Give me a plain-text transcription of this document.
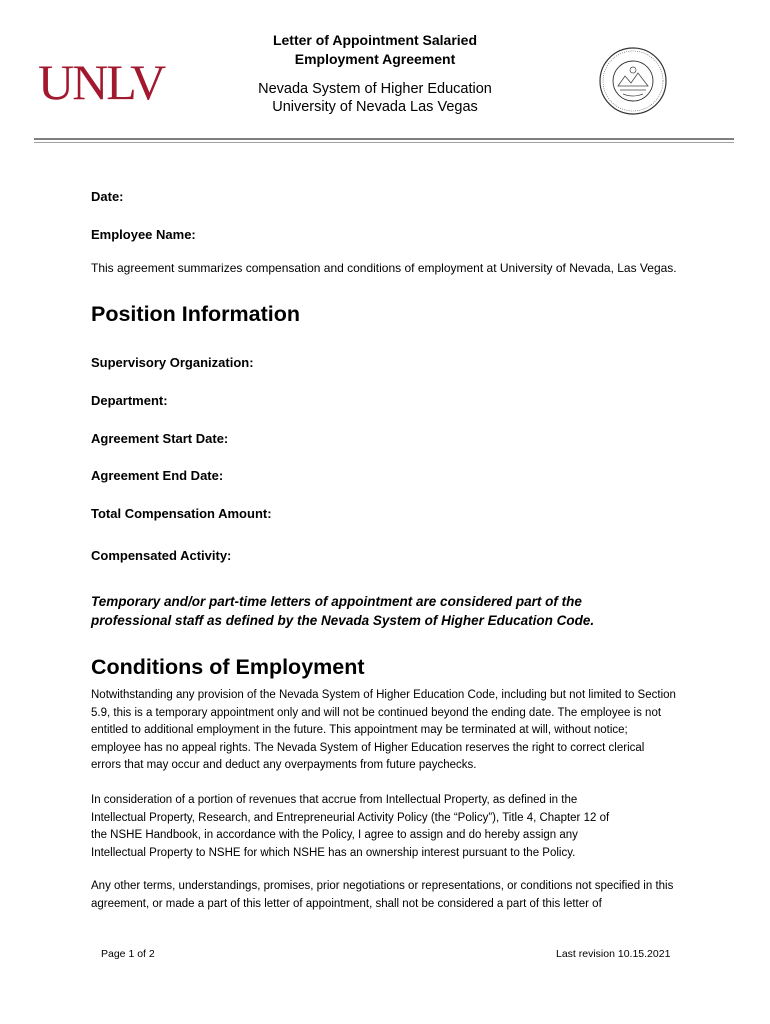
UNLV
Letter of Appointment Salaried
Employment Agreement
Nevada System of Higher Education
University of Nevada Las Vegas
Date:
Employee Name:
This agreement summarizes compensation and conditions of employment at University of Nevada, Las Vegas.
Position Information
Supervisory Organization:
Department:
Agreement Start Date:
Agreement End Date:
Total Compensation Amount:
Compensated Activity:
Temporary and/or part-time letters of appointment are considered part of the
professional staff as defined by the Nevada System of Higher Education Code.
Conditions of Employment
Notwithstanding any provision of the Nevada System of Higher Education Code, including but not limited to Section
5.9, this is a temporary appointment only and will not be continued beyond the ending date. The employee is not
entitled to additional employment in the future. This appointment may be terminated at will, without notice;
employee has no appeal rights. The Nevada System of Higher Education reserves the right to correct clerical
errors that may occur and deduct any overpayments from future paychecks.
In consideration of a portion of revenues that accrue from Intellectual Property, as defined in the
Intellectual Property, Research, and Entrepreneurial Activity Policy (the “Policy”), Title 4, Chapter 12 of
the NSHE Handbook, in accordance with the Policy, I agree to assign and do hereby assign any
Intellectual Property to NSHE for which NSHE has an ownership interest pursuant to the Policy.
Any other terms, understandings, promises, prior negotiations or representations, or conditions not specified in this
agreement, or made a part of this letter of appointment, shall not be considered a part of this letter of
Page 1 of 2	Last revision 10.15.2021
